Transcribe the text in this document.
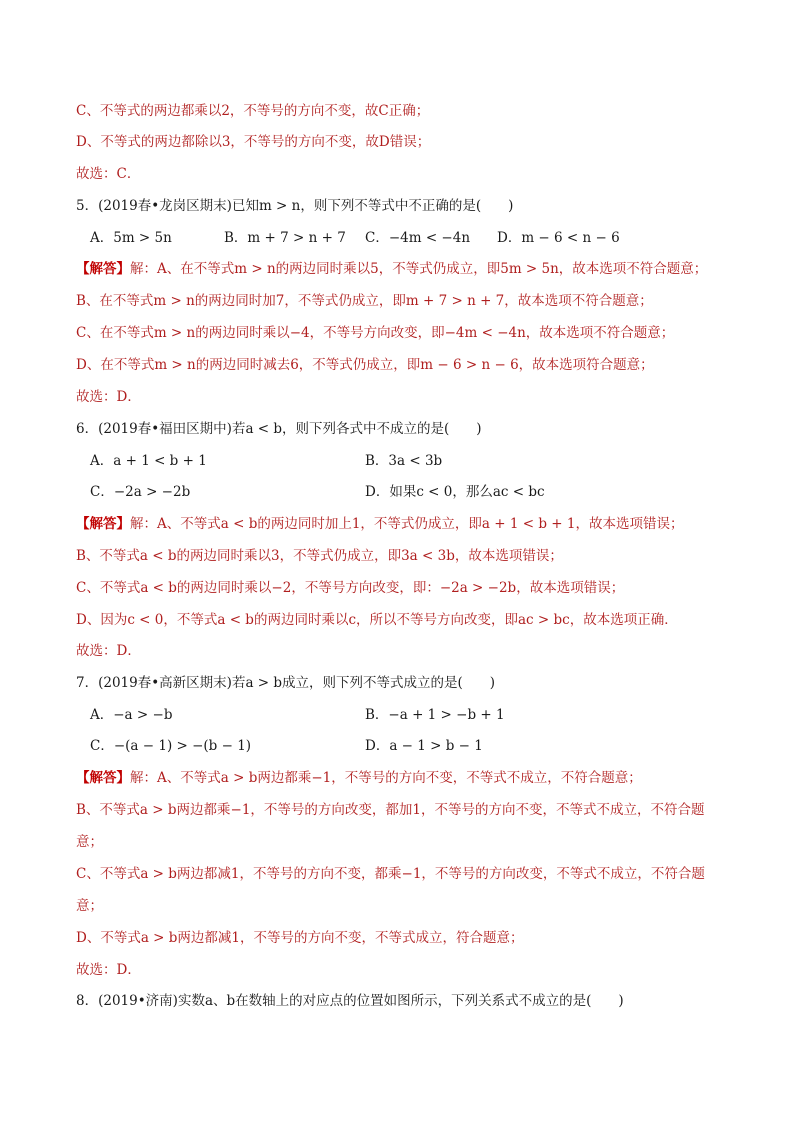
C、不等式的两边都乘以2，不等号的方向不变，故C正确；
D、不等式的两边都除以3，不等号的方向不变，故D错误；
故选：C．
5．(2019春•龙岗区期末)已知m > n，则下列不等式中不正确的是(　　)
A．5m > 5n	B．m + 7 > n + 7 C．−4m < −4n D．m − 6 < n − 6
【解答】解：A、在不等式m > n的两边同时乘以5，不等式仍成立，即5m > 5n，故本选项不符合题意；
B、在不等式m > n的两边同时加7，不等式仍成立，即m + 7 > n + 7，故本选项不符合题意；
C、在不等式m > n的两边同时乘以−4，不等号方向改变，即−4m < −4n，故本选项不符合题意；
D、在不等式m > n的两边同时减去6，不等式仍成立，即m − 6 > n − 6，故本选项符合题意；
故选：D．
6．(2019春•福田区期中)若a < b，则下列各式中不成立的是(　　)
A．a + 1 < b + 1	B．3a < 3b
C．−2a > −2b	D．如果c < 0，那么ac < bc
【解答】解：A、不等式a < b的两边同时加上1，不等式仍成立，即a + 1 < b + 1，故本选项错误；
B、不等式a < b的两边同时乘以3，不等式仍成立，即3a < 3b，故本选项错误；
C、不等式a < b的两边同时乘以−2，不等号方向改变，即：−2a > −2b，故本选项错误；
D、因为c < 0，不等式a < b的两边同时乘以c，所以不等号方向改变，即ac > bc，故本选项正确．
故选：D．
7．(2019春•高新区期末)若a > b成立，则下列不等式成立的是(　　)
A．−a > −b	B．−a + 1 > −b + 1
C．−(a − 1) > −(b − 1)	D．a − 1 > b − 1
【解答】解：A、不等式a > b两边都乘−1，不等号的方向不变，不等式不成立，不符合题意；
B、不等式a > b两边都乘−1，不等号的方向改变，都加1，不等号的方向不变，不等式不成立，不符合题
意；
C、不等式a > b两边都减1，不等号的方向不变，都乘−1，不等号的方向改变，不等式不成立，不符合题
意；
D、不等式a > b两边都减1，不等号的方向不变，不等式成立，符合题意；
故选：D．
8．(2019•济南)实数a、b在数轴上的对应点的位置如图所示，下列关系式不成立的是(　　)
